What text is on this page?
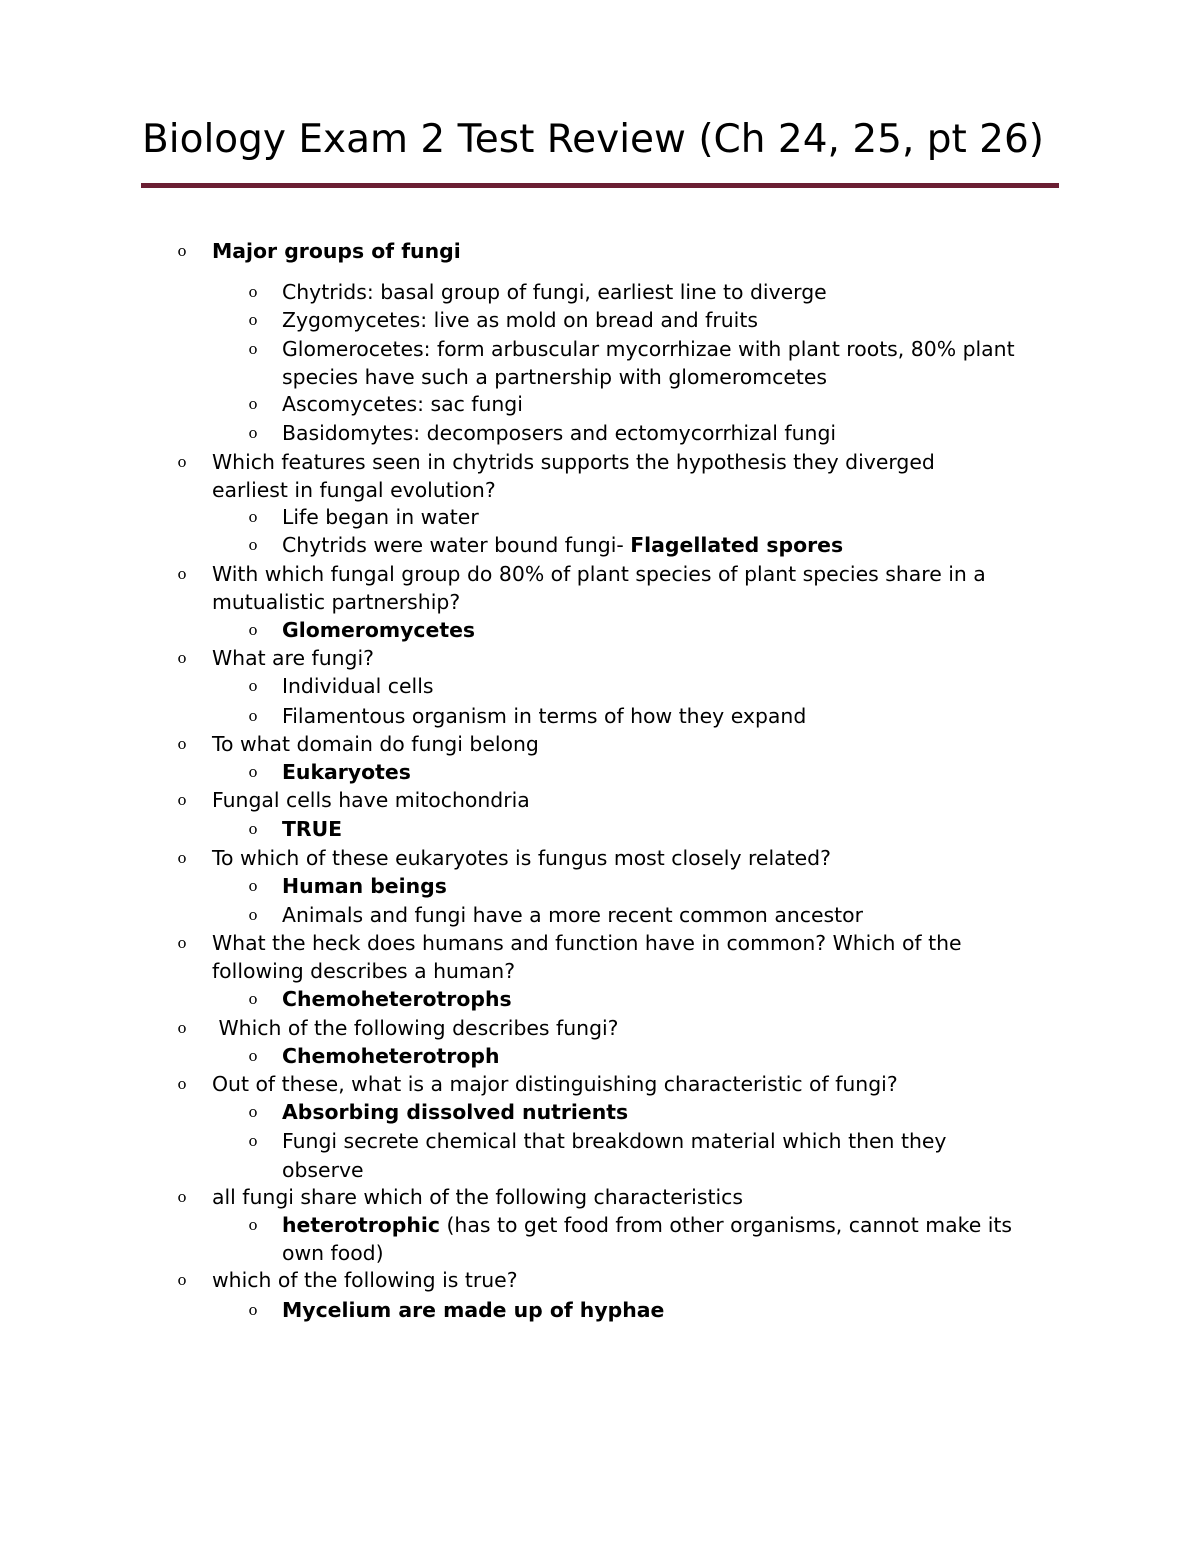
Biology Exam 2 Test Review (Ch 24, 25, pt 26)
o Major groups of fungi
o Chytrids: basal group of fungi, earliest line to diverge
o Zygomycetes: live as mold on bread and fruits
o Glomerocetes: form arbuscular mycorrhizae with plant roots, 80% plant
species have such a partnership with glomeromcetes
o Ascomycetes: sac fungi
o Basidomytes: decomposers and ectomycorrhizal fungi
o Which features seen in chytrids supports the hypothesis they diverged
earliest in fungal evolution?
o Life began in water
o Chytrids were water bound fungi- Flagellated spores
o With which fungal group do 80% of plant species of plant species share in a
mutualistic partnership?
o Glomeromycetes
o What are fungi?
o Individual cells
o Filamentous organism in terms of how they expand
o To what domain do fungi belong
o Eukaryotes
o Fungal cells have mitochondria
o TRUE
o To which of these eukaryotes is fungus most closely related?
o Human beings
o Animals and fungi have a more recent common ancestor
o What the heck does humans and function have in common? Which of the
following describes a human?
o Chemoheterotrophs
o Which of the following describes fungi?
o Chemoheterotroph
o Out of these, what is a major distinguishing characteristic of fungi?
o Absorbing dissolved nutrients
o Fungi secrete chemical that breakdown material which then they
observe
o all fungi share which of the following characteristics
o heterotrophic (has to get food from other organisms, cannot make its
own food)
o which of the following is true?
o Mycelium are made up of hyphae
